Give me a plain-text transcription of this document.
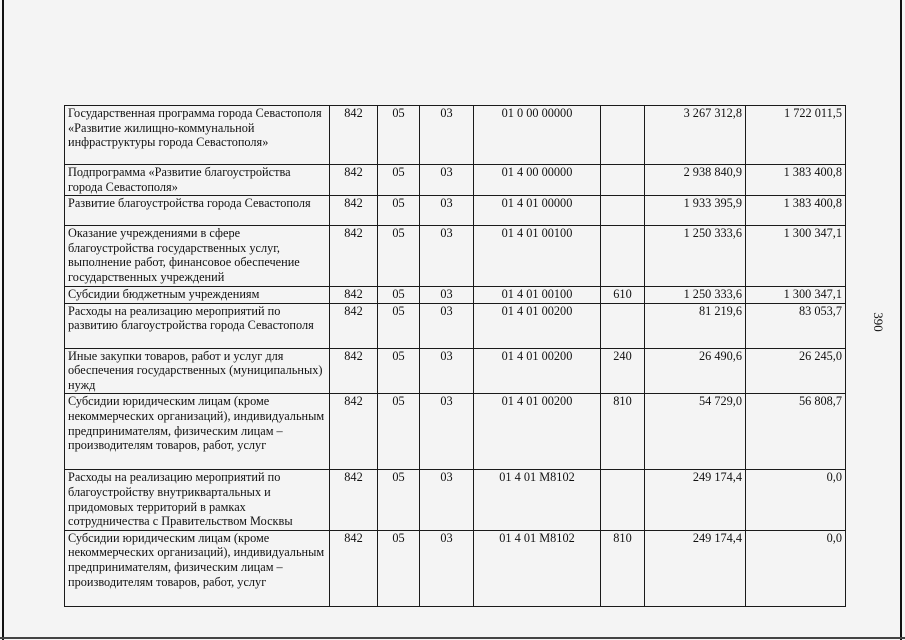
390
Государственная программа города Севастополя «Развитие жилищно-коммунальной инфраструктуры города Севастополя»	842	05	03	01 0 00 00000		3 267 312,8	1 722 011,5
Подпрограмма «Развитие благоустройства города Севастополя»	842	05	03	01 4 00 00000		2 938 840,9	1 383 400,8
Развитие благоустройства города Севастополя	842	05	03	01 4 01 00000		1 933 395,9	1 383 400,8
Оказание учреждениями в сфере благоустройства государственных услуг, выполнение работ, финансовое обеспечение государственных учреждений	842	05	03	01 4 01 00100		1 250 333,6	1 300 347,1
Субсидии бюджетным учреждениям	842	05	03	01 4 01 00100	610	1 250 333,6	1 300 347,1
Расходы на реализацию мероприятий по развитию благоустройства города Севастополя	842	05	03	01 4 01 00200		81 219,6	83 053,7
Иные закупки товаров, работ и услуг для обеспечения государственных (муниципальных) нужд	842	05	03	01 4 01 00200	240	26 490,6	26 245,0
Субсидии юридическим лицам (кроме некоммерческих организаций), индивидуальным предпринимателям, физическим лицам – производителям товаров, работ, услуг	842	05	03	01 4 01 00200	810	54 729,0	56 808,7
Расходы на реализацию мероприятий по благоустройству внутриквартальных и придомовых территорий в рамках сотрудничества с Правительством Москвы	842	05	03	01 4 01 M8102		249 174,4	0,0
Субсидии юридическим лицам (кроме некоммерческих организаций), индивидуальным предпринимателям, физическим лицам – производителям товаров, работ, услуг	842	05	03	01 4 01 M8102	810	249 174,4	0,0
